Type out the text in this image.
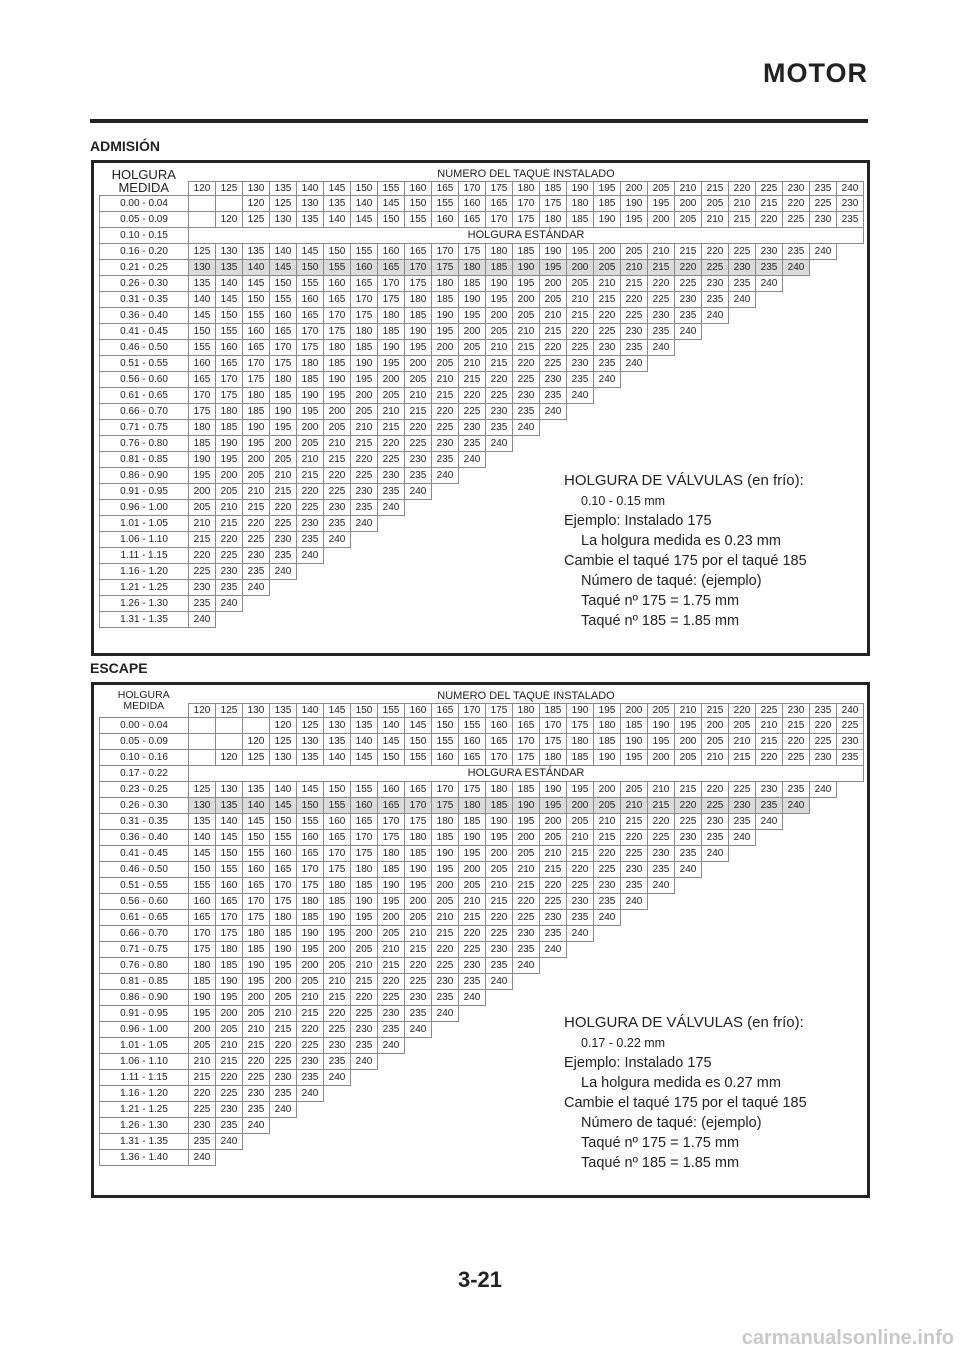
MOTOR
ADMISIÓN
HOLGURA
MEDIDA	NÚMERO DEL TAQUÉ INSTALADO																								
	120	125	130	135	140	145	150	155	160	165	170	175	180	185	190	195	200	205	210	215	220	225	230	235	240
0.00 - 0.04			120	125	130	135	140	145	150	155	160	165	170	175	180	185	190	195	200	205	210	215	220	225	230
0.05 - 0.09		120	125	130	135	140	145	150	155	160	165	170	175	180	185	190	195	200	205	210	215	220	225	230	235
0.10 - 0.15	HOLGURA ESTÁNDAR																								
0.16 - 0.20	125	130	135	140	145	150	155	160	165	170	175	180	185	190	195	200	205	210	215	220	225	230	235	240	
0.21 - 0.25	130	135	140	145	150	155	160	165	170	175	180	185	190	195	200	205	210	215	220	225	230	235	240		
0.26 - 0.30	135	140	145	150	155	160	165	170	175	180	185	190	195	200	205	210	215	220	225	230	235	240			
0.31 - 0.35	140	145	150	155	160	165	170	175	180	185	190	195	200	205	210	215	220	225	230	235	240				
0.36 - 0.40	145	150	155	160	165	170	175	180	185	190	195	200	205	210	215	220	225	230	235	240					
0.41 - 0.45	150	155	160	165	170	175	180	185	190	195	200	205	210	215	220	225	230	235	240						
0.46 - 0.50	155	160	165	170	175	180	185	190	195	200	205	210	215	220	225	230	235	240							
0.51 - 0.55	160	165	170	175	180	185	190	195	200	205	210	215	220	225	230	235	240								
0.56 - 0.60	165	170	175	180	185	190	195	200	205	210	215	220	225	230	235	240									
0.61 - 0.65	170	175	180	185	190	195	200	205	210	215	220	225	230	235	240										
0.66 - 0.70	175	180	185	190	195	200	205	210	215	220	225	230	235	240											
0.71 - 0.75	180	185	190	195	200	205	210	215	220	225	230	235	240												
0.76 - 0.80	185	190	195	200	205	210	215	220	225	230	235	240													
0.81 - 0.85	190	195	200	205	210	215	220	225	230	235	240														
0.86 - 0.90	195	200	205	210	215	220	225	230	235	240															
0.91 - 0.95	200	205	210	215	220	225	230	235	240																
0.96 - 1.00	205	210	215	220	225	230	235	240																	
1.01 - 1.05	210	215	220	225	230	235	240																		
1.06 - 1.10	215	220	225	230	235	240																			
1.11 - 1.15	220	225	230	235	240																				
1.16 - 1.20	225	230	235	240																					
1.21 - 1.25	230	235	240																						
1.26 - 1.30	235	240																							
1.31 - 1.35	240																								
HOLGURA DE VÁLVULAS (en frío):
0.10 - 0.15 mm
Ejemplo: Instalado 175
La holgura medida es 0.23 mm
Cambie el taqué 175 por el taqué 185
Número de taqué: (ejemplo)
Taqué nº 175 = 1.75 mm
Taqué nº 185 = 1.85 mm
ESCAPE
HOLGURA
MEDIDA	NÚMERO DEL TAQUÉ INSTALADO																								
	120	125	130	135	140	145	150	155	160	165	170	175	180	185	190	195	200	205	210	215	220	225	230	235	240
0.00 - 0.04				120	125	130	135	140	145	150	155	160	165	170	175	180	185	190	195	200	205	210	215	220	225
0.05 - 0.09			120	125	130	135	140	145	150	155	160	165	170	175	180	185	190	195	200	205	210	215	220	225	230
0.10 - 0.16		120	125	130	135	140	145	150	155	160	165	170	175	180	185	190	195	200	205	210	215	220	225	230	235
0.17 - 0.22	HOLGURA ESTÁNDAR																								
0.23 - 0.25	125	130	135	140	145	150	155	160	165	170	175	180	185	190	195	200	205	210	215	220	225	230	235	240	
0.26 - 0.30	130	135	140	145	150	155	160	165	170	175	180	185	190	195	200	205	210	215	220	225	230	235	240		
0.31 - 0.35	135	140	145	150	155	160	165	170	175	180	185	190	195	200	205	210	215	220	225	230	235	240			
0.36 - 0.40	140	145	150	155	160	165	170	175	180	185	190	195	200	205	210	215	220	225	230	235	240				
0.41 - 0.45	145	150	155	160	165	170	175	180	185	190	195	200	205	210	215	220	225	230	235	240					
0.46 - 0.50	150	155	160	165	170	175	180	185	190	195	200	205	210	215	220	225	230	235	240						
0.51 - 0.55	155	160	165	170	175	180	185	190	195	200	205	210	215	220	225	230	235	240							
0.56 - 0.60	160	165	170	175	180	185	190	195	200	205	210	215	220	225	230	235	240								
0.61 - 0.65	165	170	175	180	185	190	195	200	205	210	215	220	225	230	235	240									
0.66 - 0.70	170	175	180	185	190	195	200	205	210	215	220	225	230	235	240										
0.71 - 0.75	175	180	185	190	195	200	205	210	215	220	225	230	235	240											
0.76 - 0.80	180	185	190	195	200	205	210	215	220	225	230	235	240												
0.81 - 0.85	185	190	195	200	205	210	215	220	225	230	235	240													
0.86 - 0.90	190	195	200	205	210	215	220	225	230	235	240														
0.91 - 0.95	195	200	205	210	215	220	225	230	235	240															
0.96 - 1.00	200	205	210	215	220	225	230	235	240																
1.01 - 1.05	205	210	215	220	225	230	235	240																	
1.06 - 1.10	210	215	220	225	230	235	240																		
1.11 - 1.15	215	220	225	230	235	240																			
1.16 - 1.20	220	225	230	235	240																				
1.21 - 1.25	225	230	235	240																					
1.26 - 1.30	230	235	240																						
1.31 - 1.35	235	240																							
1.36 - 1.40	240																								
HOLGURA DE VÁLVULAS (en frío):
0.17 - 0.22 mm
Ejemplo: Instalado 175
La holgura medida es 0.27 mm
Cambie el taqué 175 por el taqué 185
Número de taqué: (ejemplo)
Taqué nº 175 = 1.75 mm
Taqué nº 185 = 1.85 mm
3-21
carmanualsonline.info
